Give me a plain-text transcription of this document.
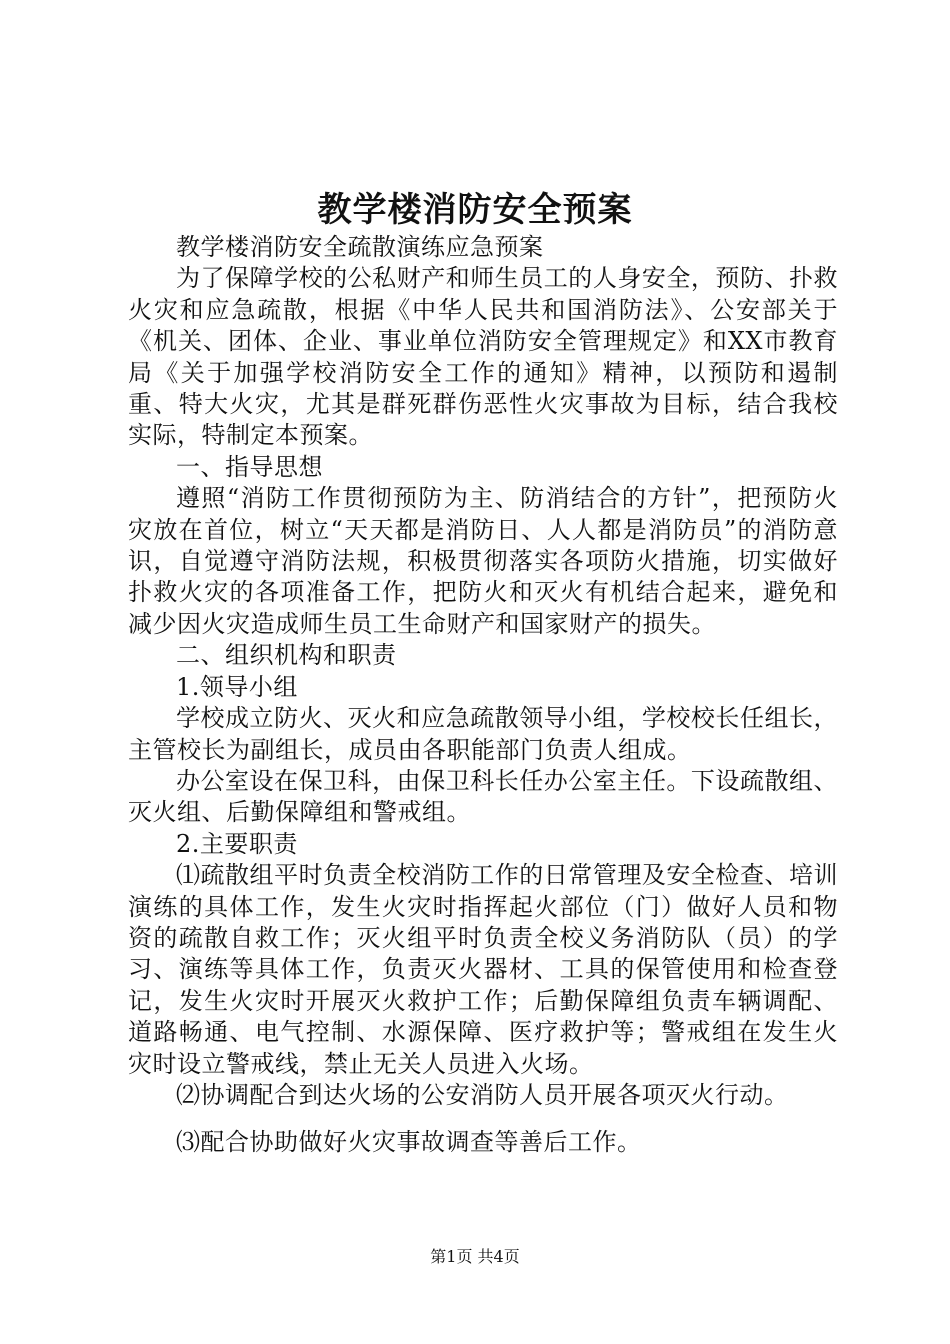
教学楼消防安全预案

教学楼消防安全疏散演练应急预案

为了保障学校的公私财产和师生员工的人身安全，预防、扑救火灾和应急疏散，根据《中华人民共和国消防法》、公安部关于《机关、团体、企业、事业单位消防安全管理规定》和XX市教育局《关于加强学校消防安全工作的通知》精神，以预防和遏制重、特大火灾，尤其是群死群伤恶性火灾事故为目标，结合我校实际，特制定本预案。

一、指导思想

遵照“消防工作贯彻预防为主、防消结合的方针”，把预防火灾放在首位，树立“天天都是消防日、人人都是消防员”的消防意识，自觉遵守消防法规，积极贯彻落实各项防火措施，切实做好扑救火灾的各项准备工作，把防火和灭火有机结合起来，避免和减少因火灾造成师生员工生命财产和国家财产的损失。

二、组织机构和职责

1.领导小组

学校成立防火、灭火和应急疏散领导小组，学校校长任组长，主管校长为副组长，成员由各职能部门负责人组成。

办公室设在保卫科，由保卫科长任办公室主任。下设疏散组、灭火组、后勤保障组和警戒组。

2.主要职责

⑴疏散组平时负责全校消防工作的日常管理及安全检查、培训演练的具体工作，发生火灾时指挥起火部位（门）做好人员和物资的疏散自救工作；灭火组平时负责全校义务消防队（员）的学习、演练等具体工作，负责灭火器材、工具的保管使用和检查登记，发生火灾时开展灭火救护工作；后勤保障组负责车辆调配、道路畅通、电气控制、水源保障、医疗救护等；警戒组在发生火灾时设立警戒线，禁止无关人员进入火场。

⑵协调配合到达火场的公安消防人员开展各项灭火行动。

⑶配合协助做好火灾事故调查等善后工作。

第1页 共4页
